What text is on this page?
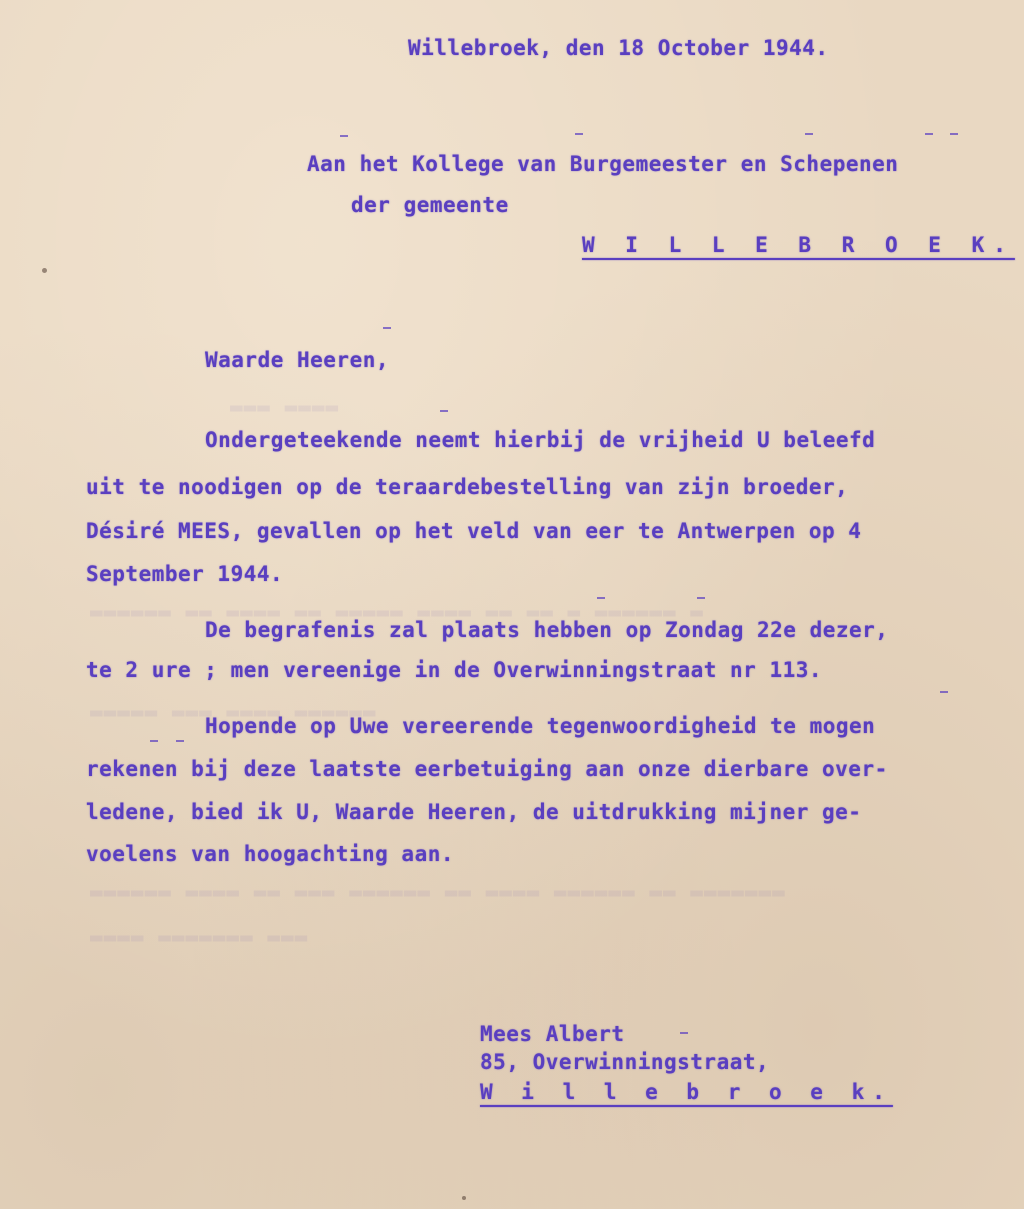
▬▬▬ ▬▬▬▬
▬▬▬▬▬▬ ▬▬ ▬▬▬▬ ▬▬ ▬▬▬▬▬ ▬▬▬▬ ▬▬ ▬▬ ▬ ▬▬▬▬▬▬ ▬
▬▬▬▬▬ ▬▬▬ ▬▬▬▬ ▬▬▬▬▬▬
▬▬▬▬▬▬ ▬▬▬▬ ▬▬ ▬▬▬ ▬▬▬▬▬▬ ▬▬ ▬▬▬▬ ▬▬▬▬▬▬ ▬▬ ▬▬▬▬▬▬▬
▬▬▬▬ ▬▬▬▬▬▬▬ ▬▬▬
Willebroek, den 18 October 1944.
Aan het Kollege van Burgemeester en Schepenen
der gemeente
W I L L E B R O E K.
Waarde Heeren,
Ondergeteekende neemt hierbij de vrijheid U beleefd
uit te noodigen op de teraardebestelling van zijn broeder,
Désiré MEES, gevallen op het veld van eer te Antwerpen op 4
September 1944.
De begrafenis zal plaats hebben op Zondag 22e dezer,
te 2 ure ; men vereenige in de Overwinningstraat nr 113.
Hopende op Uwe vereerende tegenwoordigheid te mogen
rekenen bij deze laatste eerbetuiging aan onze dierbare over-
ledene, bied ik U, Waarde Heeren, de uitdrukking mijner ge-
voelens van hoogachting aan.
Mees Albert
85, Overwinningstraat,
W i l l e b r o e k.
